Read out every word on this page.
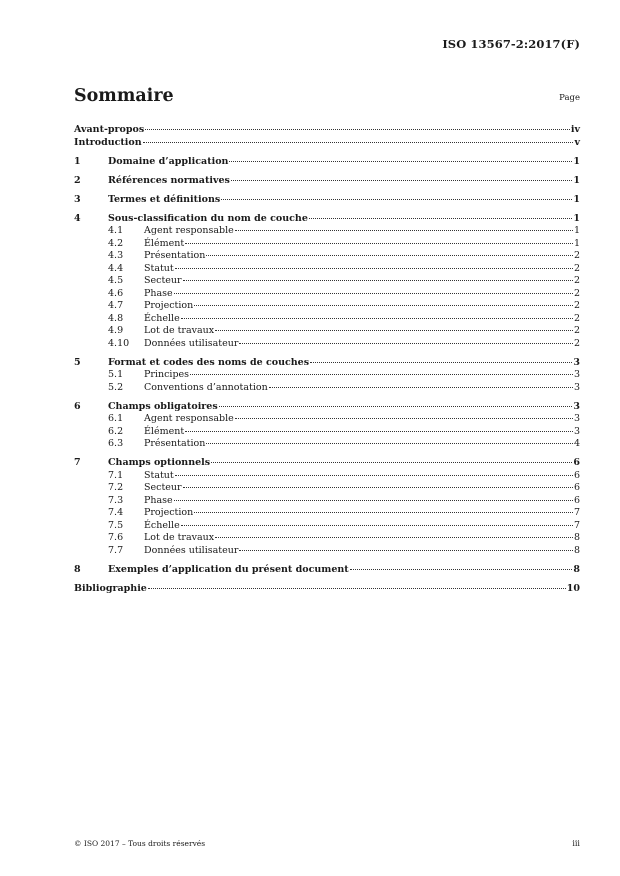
ISO 13567-2:2017(F)
Sommaire	Page
Avant-propos	iv
Introduction	v
1	Domaine d’application	1
2	Références normatives	1
3	Termes et définitions	1
4	Sous-classification du nom de couche	1
4.1	Agent responsable	1
4.2	Élément	1
4.3	Présentation	2
4.4	Statut	2
4.5	Secteur	2
4.6	Phase	2
4.7	Projection	2
4.8	Échelle	2
4.9	Lot de travaux	2
4.10	Données utilisateur	2
5	Format et codes des noms de couches	3
5.1	Principes	3
5.2	Conventions d’annotation	3
6	Champs obligatoires	3
6.1	Agent responsable	3
6.2	Élément	3
6.3	Présentation	4
7	Champs optionnels	6
7.1	Statut	6
7.2	Secteur	6
7.3	Phase	6
7.4	Projection	7
7.5	Échelle	7
7.6	Lot de travaux	8
7.7	Données utilisateur	8
8	Exemples d’application du présent document	8
Bibliographie	10
© ISO 2017 – Tous droits réservés	iii
